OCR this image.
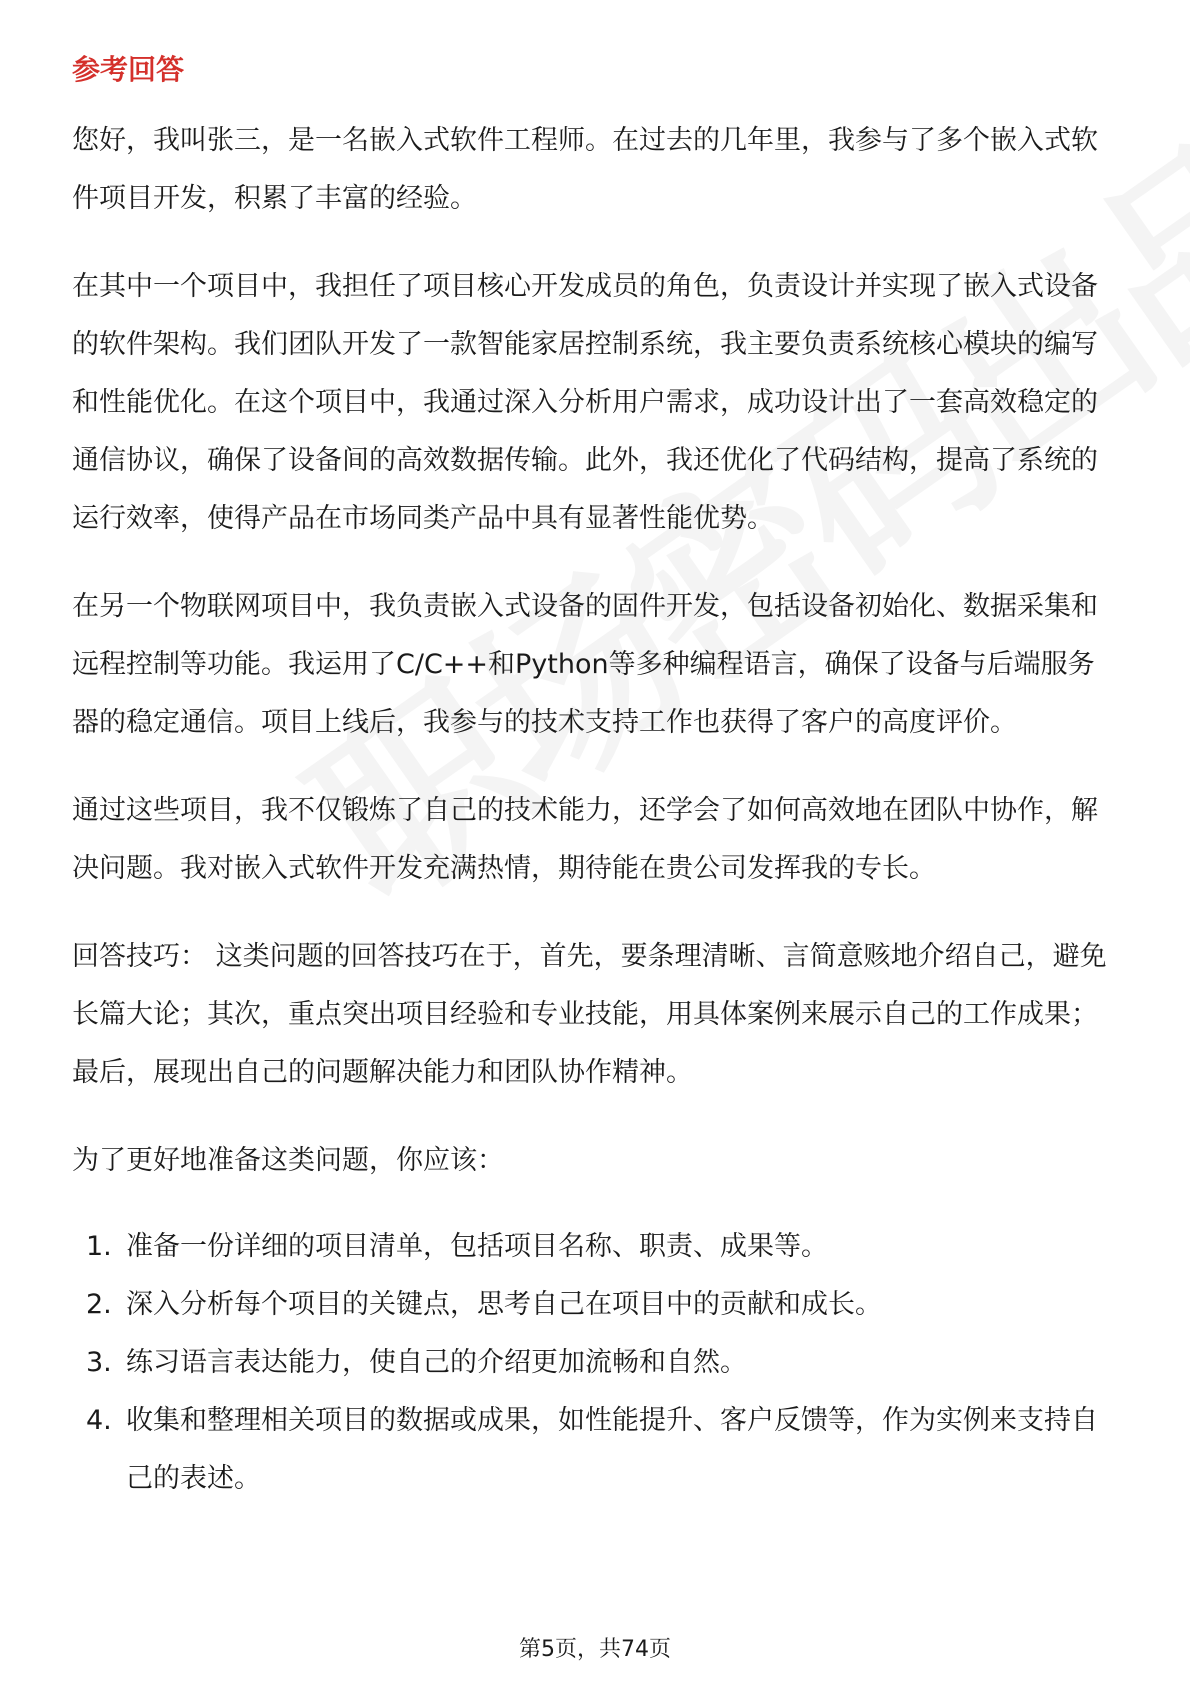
参考回答

您好，我叫张三，是一名嵌入式软件工程师。在过去的几年里，我参与了多个嵌入式软件项目开发，积累了丰富的经验。

在其中一个项目中，我担任了项目核心开发成员的角色，负责设计并实现了嵌入式设备的软件架构。我们团队开发了一款智能家居控制系统，我主要负责系统核心模块的编写和性能优化。在这个项目中，我通过深入分析用户需求，成功设计出了一套高效稳定的通信协议，确保了设备间的高效数据传输。此外，我还优化了代码结构，提高了系统的运行效率，使得产品在市场同类产品中具有显著性能优势。

在另一个物联网项目中，我负责嵌入式设备的固件开发，包括设备初始化、数据采集和远程控制等功能。我运用了C/C++和Python等多种编程语言，确保了设备与后端服务器的稳定通信。项目上线后，我参与的技术支持工作也获得了客户的高度评价。

通过这些项目，我不仅锻炼了自己的技术能力，还学会了如何高效地在团队中协作，解决问题。我对嵌入式软件开发充满热情，期待能在贵公司发挥我的专长。

回答技巧： 这类问题的回答技巧在于，首先，要条理清晰、言简意赅地介绍自己，避免长篇大论；其次，重点突出项目经验和专业技能，用具体案例来展示自己的工作成果；最后，展现出自己的问题解决能力和团队协作精神。

为了更好地准备这类问题，你应该：

1. 准备一份详细的项目清单，包括项目名称、职责、成果等。
2. 深入分析每个项目的关键点，思考自己在项目中的贡献和成长。
3. 练习语言表达能力，使自己的介绍更加流畅和自然。
4. 收集和整理相关项目的数据或成果，如性能提升、客户反馈等，作为实例来支持自己的表述。
第5页，共74页
